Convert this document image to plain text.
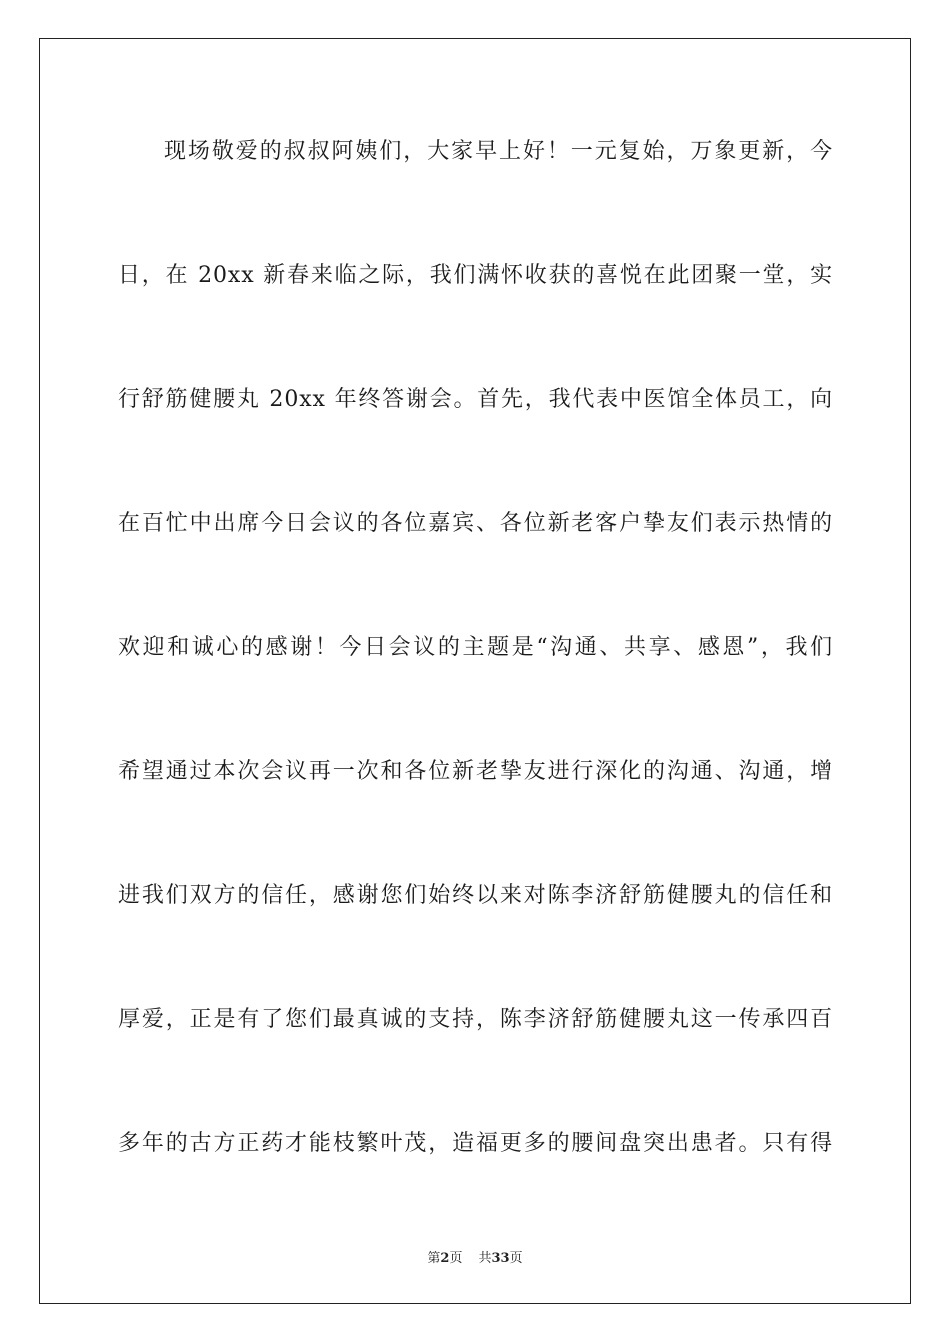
现场敬爱的叔叔阿姨们，大家早上好！一元复始，万象更新，今
日，在 20xx 新春来临之际，我们满怀收获的喜悦在此团聚一堂，实
行舒筋健腰丸 20xx 年终答谢会。首先，我代表中医馆全体员工，向
在百忙中出席今日会议的各位嘉宾、各位新老客户挚友们表示热情的
欢迎和诚心的感谢！今日会议的主题是“沟通、共享、感恩”，我们
希望通过本次会议再一次和各位新老挚友进行深化的沟通、沟通，增
进我们双方的信任，感谢您们始终以来对陈李济舒筋健腰丸的信任和
厚爱，正是有了您们最真诚的支持，陈李济舒筋健腰丸这一传承四百
多年的古方正药才能枝繁叶茂，造福更多的腰间盘突出患者。只有得
第2页 共33页
